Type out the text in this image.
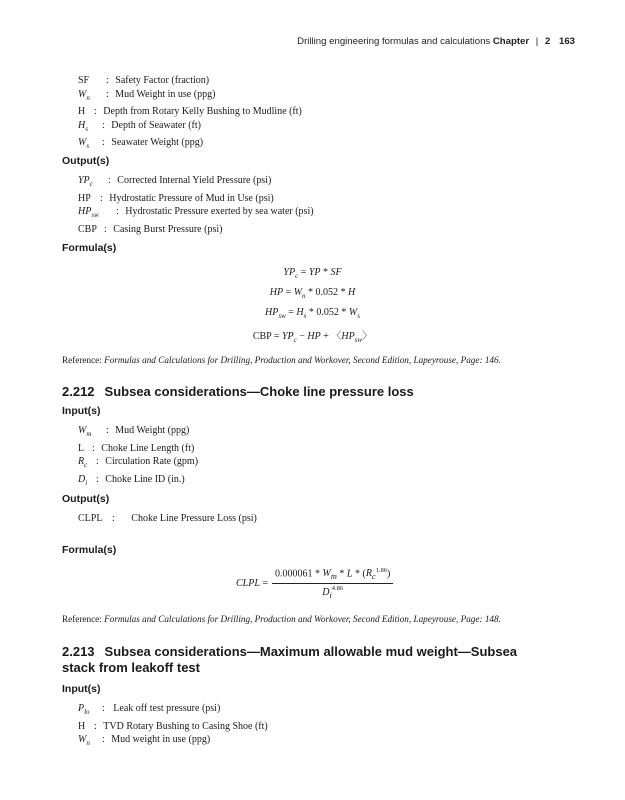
Drilling engineering formulas and calculations Chapter | 2 163
SF : Safety Factor (fraction)
$W_n$ : Mud Weight in use (ppg)
H : Depth from Rotary Kelly Bushing to Mudline (ft)
$H_s$ : Depth of Seawater (ft)
$W_s$ : Seawater Weight (ppg)
Output(s)
$YP_c$ : Corrected Internal Yield Pressure (psi)
HP : Hydrostatic Pressure of Mud in Use (psi)
$HP_{sw}$ : Hydrostatic Pressure exerted by sea water (psi)
CBP : Casing Burst Pressure (psi)
Formula(s)
$YP_c$ = YP * SF
HP = $W_n * 0.052$ * H
$HP_{sw} = H_s * 0.052 * W_s$
CBP = $YP_c$ − HP + 〈$HP_{sw}$〉
Reference: Formulas and Calculations for Drilling, Production and Workover, Second Edition, Lapeyrouse, Page: 146.
2.212 Subsea considerations—Choke line pressure loss
Input(s)
$W_m$ : Mud Weight (ppg)
L : Choke Line Length (ft)
$R_c$ : Circulation Rate (gpm)
$D_i$ : Choke Line ID (in.)
Output(s)
CLPL : Choke Line Pressure Loss (psi)
Formula(s)
CLPL = $\frac{0.000061 * W_m * L * (R_c^{1.86})}{D_i^{4.86}}$
Reference: Formulas and Calculations for Drilling, Production and Workover, Second Edition, Lapeyrouse, Page: 148.
2.213 Subsea considerations—Maximum allowable mud weight—Subsea stack from leakoff test
Input(s)
$P_{lo}$ : Leak off test pressure (psi)
H : TVD Rotary Bushing to Casing Shoe (ft)
$W_n$ : Mud weight in use (ppg)
